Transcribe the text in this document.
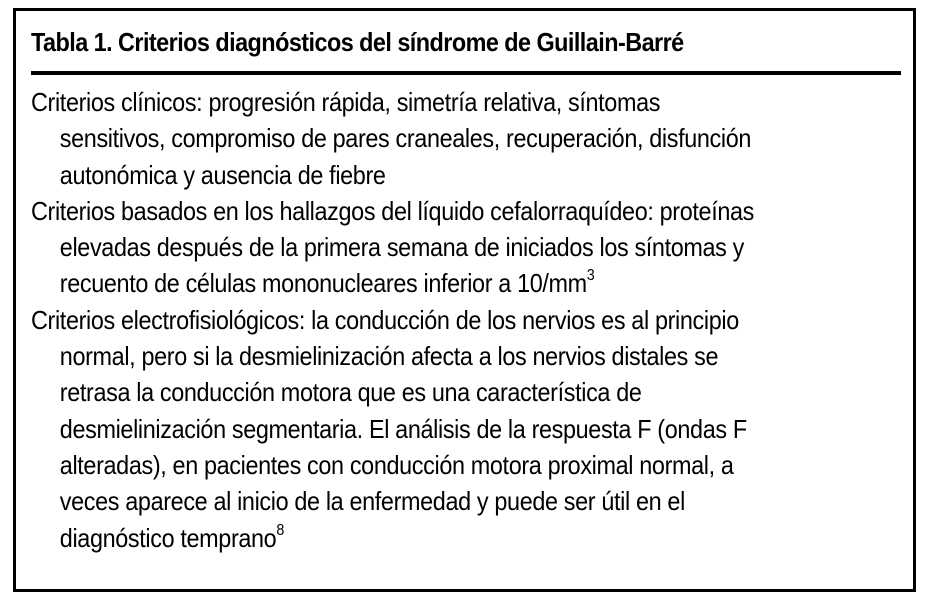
Tabla 1. Criterios diagnósticos del síndrome de Guillain-Barré
Criterios clínicos: progresión rápida, simetría relativa, síntomas
sensitivos, compromiso de pares craneales, recuperación, disfunción
autonómica y ausencia de fiebre
Criterios basados en los hallazgos del líquido cefalorraquídeo: proteínas
elevadas después de la primera semana de iniciados los síntomas y
recuento de células mononucleares inferior a $10/mm^3$
Criterios electrofisiológicos: la conducción de los nervios es al principio
normal, pero si la desmielinización afecta a los nervios distales se
retrasa la conducción motora que es una característica de
desmielinización segmentaria. El análisis de la respuesta F (ondas F
alteradas), en pacientes con conducción motora proximal normal, a
veces aparece al inicio de la enfermedad y puede ser útil en el
diagnóstico temprano$^8$
